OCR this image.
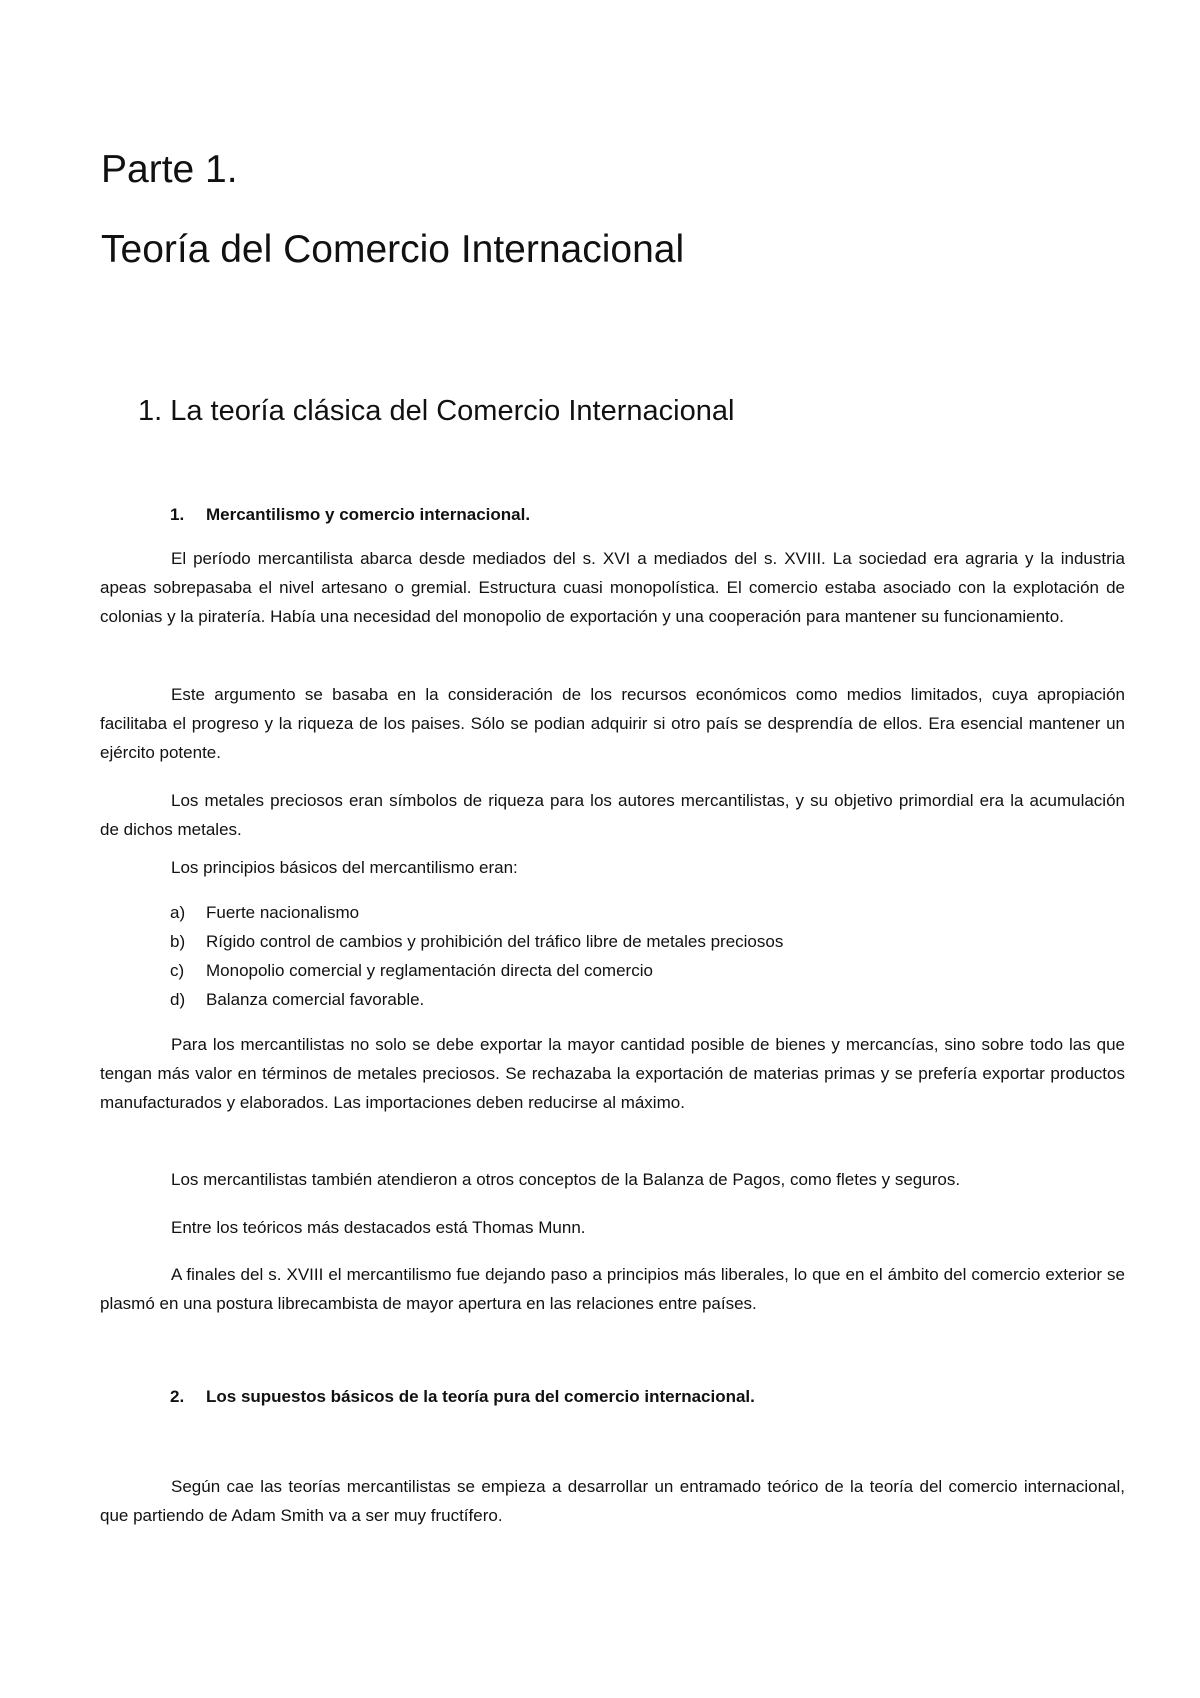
Parte 1.
Teoría del Comercio Internacional
1. La teoría clásica del Comercio Internacional
1. Mercantilismo y comercio internacional.

El período mercantilista abarca desde mediados del s. XVI a mediados del s. XVIII. La sociedad era agraria y la industria apeas sobrepasaba el nivel artesano o gremial. Estructura cuasi monopolística. El comercio estaba asociado con la explotación de colonias y la piratería. Había una necesidad del monopolio de exportación y una cooperación para mantener su funcionamiento.

Este argumento se basaba en la consideración de los recursos económicos como medios limitados, cuya apropiación facilitaba el progreso y la riqueza de los paises. Sólo se podian adquirir si otro país se desprendía de ellos. Era esencial mantener un ejército potente.

Los metales preciosos eran símbolos de riqueza para los autores mercantilistas, y su objetivo primordial era la acumulación de dichos metales.

Los principios básicos del mercantilismo eran:

a) Fuerte nacionalismo
b) Rígido control de cambios y prohibición del tráfico libre de metales preciosos
c) Monopolio comercial y reglamentación directa del comercio
d) Balanza comercial favorable.

Para los mercantilistas no solo se debe exportar la mayor cantidad posible de bienes y mercancías, sino sobre todo las que tengan más valor en términos de metales preciosos. Se rechazaba la exportación de materias primas y se prefería exportar productos manufacturados y elaborados. Las importaciones deben reducirse al máximo.

Los mercantilistas también atendieron a otros conceptos de la Balanza de Pagos, como fletes y seguros.

Entre los teóricos más destacados está Thomas Munn.

A finales del s. XVIII el mercantilismo fue dejando paso a principios más liberales, lo que en el ámbito del comercio exterior se plasmó en una postura librecambista de mayor apertura en las relaciones entre países.

2. Los supuestos básicos de la teoría pura del comercio internacional.

Según cae las teorías mercantilistas se empieza a desarrollar un entramado teórico de la teoría del comercio internacional, que partiendo de Adam Smith va a ser muy fructífero.
